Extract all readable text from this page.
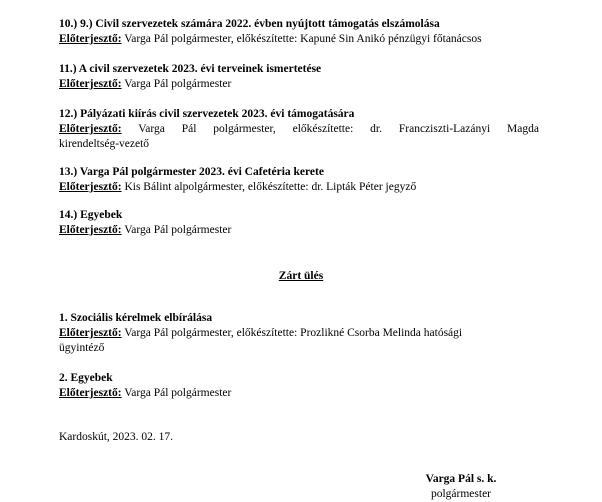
10.) 9.) Civil szervezetek számára 2022. évben nyújtott támogatás elszámolása
Előterjesztő: Varga Pál polgármester, előkészítette: Kapuné Sin Anikó pénzügyi főtanácsos
11.) A civil szervezetek 2023. évi terveinek ismertetése
Előterjesztő: Varga Pál polgármester
12.) Pályázati kiírás civil szervezetek 2023. évi támogatására
Előterjesztő: Varga Pál polgármester, előkészítette: dr. Francziszti-Lazányi Magda
kirendeltség-vezető
13.) Varga Pál polgármester 2023. évi Cafetéria kerete
Előterjesztő: Kis Bálint alpolgármester, előkészítette: dr. Lipták Péter jegyző
14.) Egyebek
Előterjesztő: Varga Pál polgármester
Zárt ülés
1. Szociális kérelmek elbírálása
Előterjesztő: Varga Pál polgármester, előkészítette: Prozlikné Csorba Melinda hatósági
ügyintéző
2. Egyebek
Előterjesztő: Varga Pál polgármester
Kardoskút, 2023. 02. 17.
Varga Pál s. k.
polgármester
